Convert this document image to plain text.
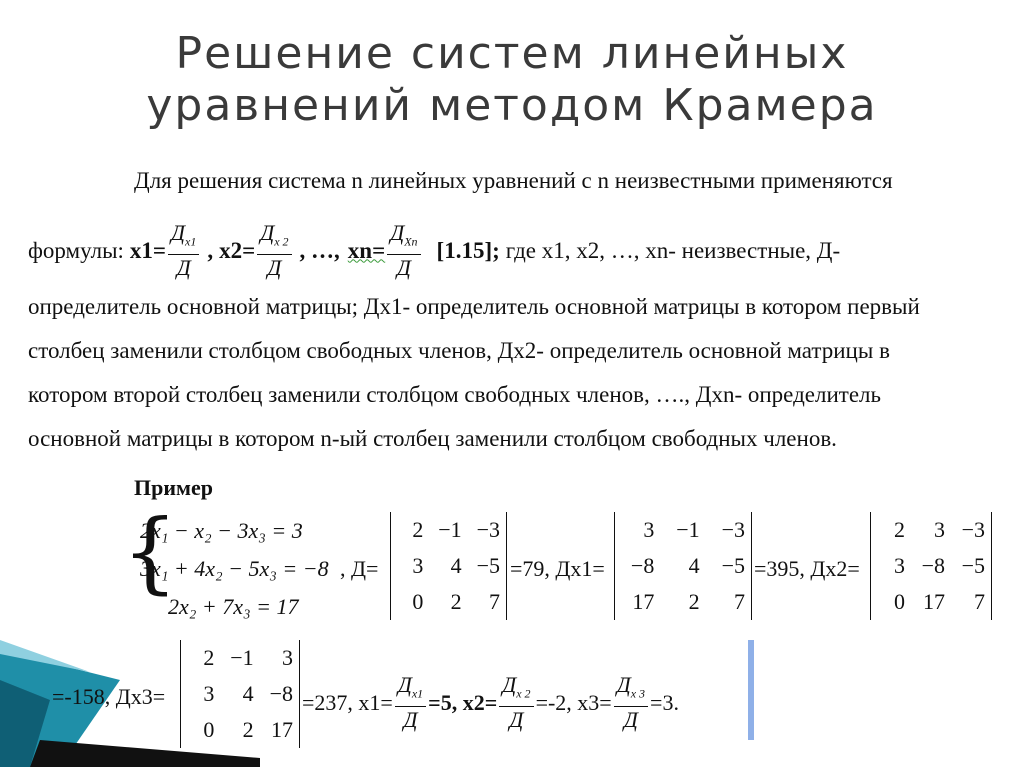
Решение систем линейных
уравнений методом Крамера
Для решения система n линейных уравнений с n неизвестными применяются
формулы: $x1= \frac{Д_{x1}}{Д}$ , $x2= \frac{Д_{x 2}}{Д}$ , …, $xn= \frac{Д_{Xn}}{Д} [1.15]$; где x1, x2, …, xn- неизвестные, Д-
определитель основной матрицы; Дx1- определитель основной матрицы в котором первый
столбец заменили столбцом свободных членов, Дx2- определитель основной матрицы в
котором второй столбец заменили столбцом свободных членов, …., Дxn- определитель
основной матрицы в котором n-ый столбец заменили столбцом свободных членов.
Пример
{
2x₁ − x₂ − 3x₃ = 3
3x₁ + 4x₂ − 5x₃ = −8
2x₂ + 7x₃ = 17
, Д=
2 −1 −3
3	4 −5
0	2	7
=79, Дx1=
3 −1 −3
−8	4 −5
17	2	7
=395, Дx2=
2	3 −3
3 −8 −5
0 17	7
=-158, Дx3=
2 −1	3
3	4 −8
0	2 17
=237, $x1= \frac{Д_{x1}}{Д} =5$, $x2= \frac{Д_{x 2}}{Д} =-2$, $x3= \frac{Д_{x 3}}{Д} =3$.
